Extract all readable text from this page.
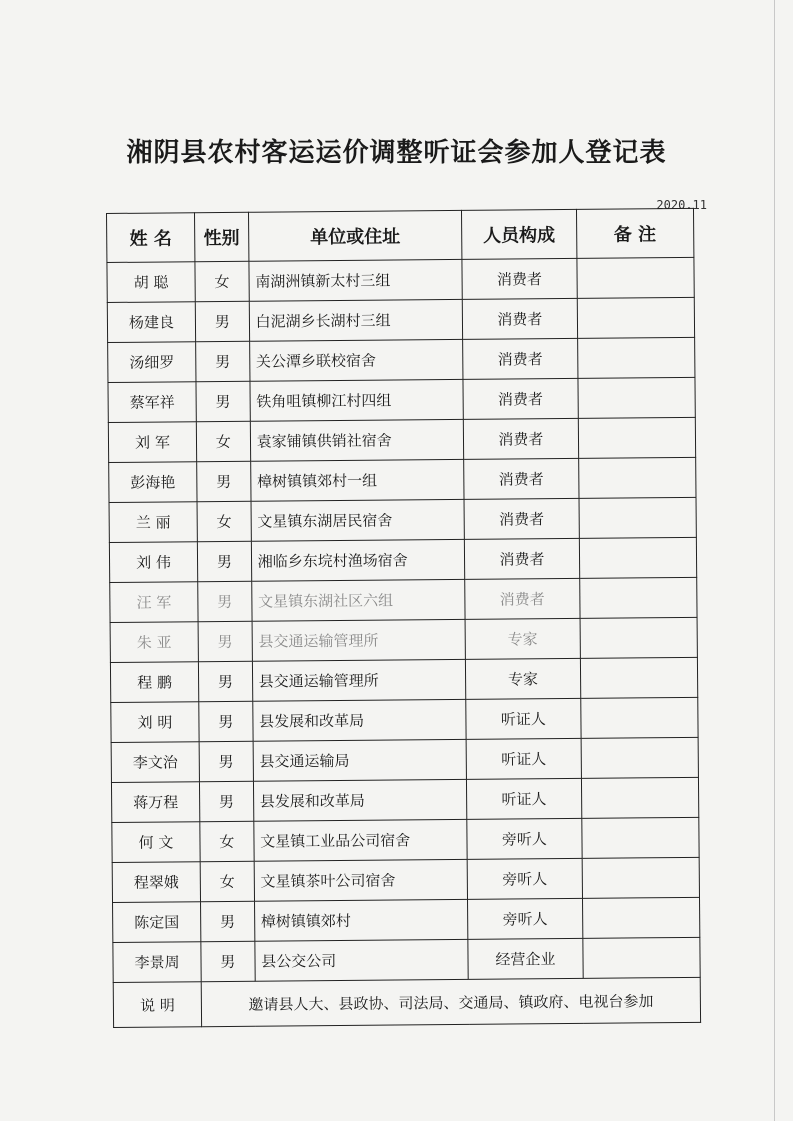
湘阴县农村客运运价调整听证会参加人登记表
2020.11
姓 名	性别	单位或住址	人员构成	备 注
胡 聪	女	南湖洲镇新太村三组	消费者	
杨建良	男	白泥湖乡长湖村三组	消费者	
汤细罗	男	关公潭乡联校宿舍	消费者	
蔡军祥	男	铁角咀镇柳江村四组	消费者	
刘 军	女	袁家铺镇供销社宿舍	消费者	
彭海艳	男	樟树镇镇郊村一组	消费者	
兰 丽	女	文星镇东湖居民宿舍	消费者	
刘 伟	男	湘临乡东垸村渔场宿舍	消费者	
汪 军	男	文星镇东湖社区六组	消费者	
朱 亚	男	县交通运输管理所	专家	
程 鹏	男	县交通运输管理所	专家	
刘 明	男	县发展和改革局	听证人	
李文治	男	县交通运输局	听证人	
蒋万程	男	县发展和改革局	听证人	
何 文	女	文星镇工业品公司宿舍	旁听人	
程翠娥	女	文星镇茶叶公司宿舍	旁听人	
陈定国	男	樟树镇镇郊村	旁听人	
李景周	男	县公交公司	经营企业	
说 明	邀请县人大、县政协、司法局、交通局、镇政府、电视台参加			
